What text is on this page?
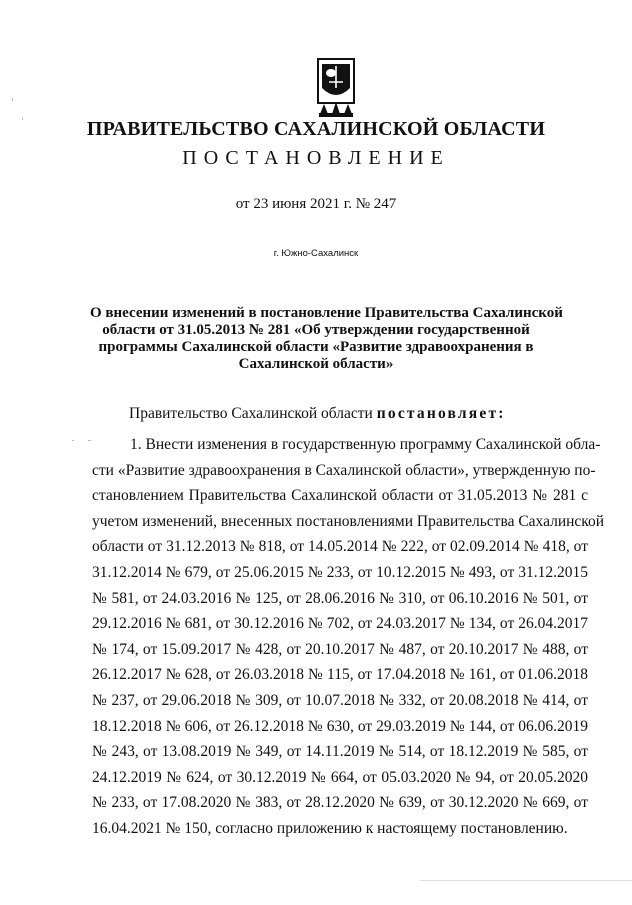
ПРАВИТЕЛЬСТВО САХАЛИНСКОЙ ОБЛАСТИ
ПОСТАНОВЛЕНИЕ
от 23 июня 2021 г. № 247
г. Южно-Сахалинск
О внесении изменений в постановление Правительства Сахалинской
области от 31.05.2013 № 281 «Об утверждении государственной
программы Сахалинской области «Развитие здравоохранения в
Сахалинской области»
Правительство Сахалинской области постановляет:
1. Внести изменения в государственную программу Сахалинской обла-
сти «Развитие здравоохранения в Сахалинской области», утвержденную по-
становлением Правительства Сахалинской области от 31.05.2013 № 281 с
учетом изменений, внесенных постановлениями Правительства Сахалинской
области от 31.12.2013 № 818, от 14.05.2014 № 222, от 02.09.2014 № 418, от
31.12.2014 № 679, от 25.06.2015 № 233, от 10.12.2015 № 493, от 31.12.2015
№ 581, от 24.03.2016 № 125, от 28.06.2016 № 310, от 06.10.2016 № 501, от
29.12.2016 № 681, от 30.12.2016 № 702, от 24.03.2017 № 134, от 26.04.2017
№ 174, от 15.09.2017 № 428, от 20.10.2017 № 487, от 20.10.2017 № 488, от
26.12.2017 № 628, от 26.03.2018 № 115, от 17.04.2018 № 161, от 01.06.2018
№ 237, от 29.06.2018 № 309, от 10.07.2018 № 332, от 20.08.2018 № 414, от
18.12.2018 № 606, от 26.12.2018 № 630, от 29.03.2019 № 144, от 06.06.2019
№ 243, от 13.08.2019 № 349, от 14.11.2019 № 514, от 18.12.2019 № 585, от
24.12.2019 № 624, от 30.12.2019 № 664, от 05.03.2020 № 94, от 20.05.2020
№ 233, от 17.08.2020 № 383, от 28.12.2020 № 639, от 30.12.2020 № 669, от
16.04.2021 № 150, согласно приложению к настоящему постановлению.
